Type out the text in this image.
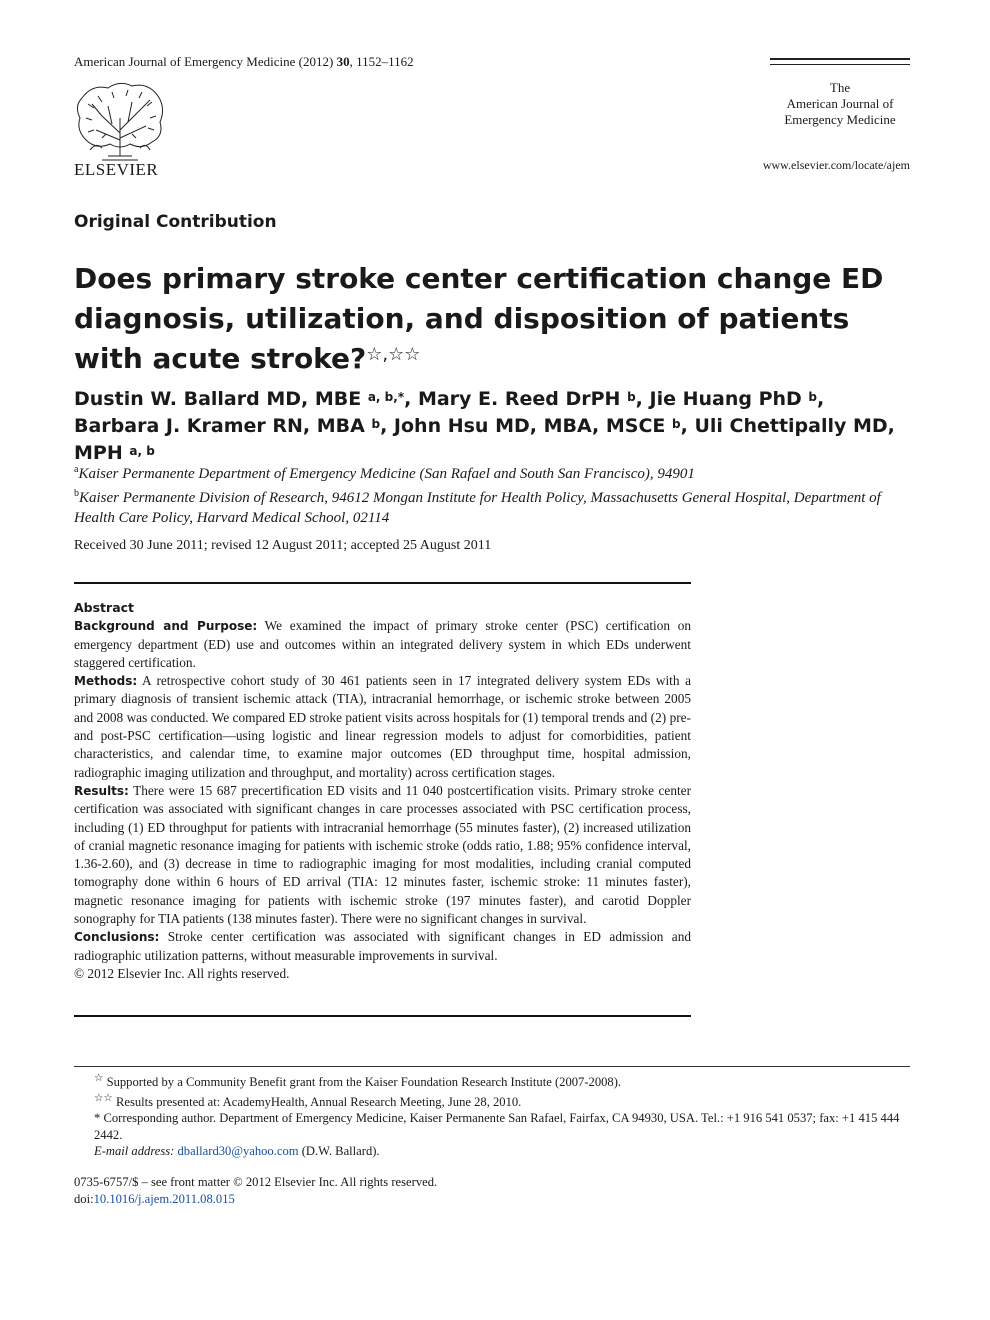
American Journal of Emergency Medicine (2012) 30, 1152–1162
ELSEVIER
The
American Journal of
Emergency Medicine
www.elsevier.com/locate/ajem
Original Contribution
Does primary stroke center certification change ED diagnosis, utilization, and disposition of patients with acute stroke?☆,☆☆
Dustin W. Ballard MD, MBE $^{a, b,*}$, Mary E. Reed DrPH $^b$, Jie Huang PhD $^b$,
Barbara J. Kramer RN, MBA $^b$, John Hsu MD, MBA, MSCE $^b$, Uli Chettipally MD, MPH $^{a, b}$
$^a$Kaiser Permanente Department of Emergency Medicine (San Rafael and South San Francisco), 94901
$^b$Kaiser Permanente Division of Research, 94612 Mongan Institute for Health Policy, Massachusetts General Hospital, Department of Health Care Policy, Harvard Medical School, 02114
Received 30 June 2011; revised 12 August 2011; accepted 25 August 2011
Abstract

Background and Purpose: We examined the impact of primary stroke center (PSC) certification on emergency department (ED) use and outcomes within an integrated delivery system in which EDs underwent staggered certification.

Methods: A retrospective cohort study of 30 461 patients seen in 17 integrated delivery system EDs with a primary diagnosis of transient ischemic attack (TIA), intracranial hemorrhage, or ischemic stroke between 2005 and 2008 was conducted. We compared ED stroke patient visits across hospitals for (1) temporal trends and (2) pre- and post-PSC certification—using logistic and linear regression models to adjust for comorbidities, patient characteristics, and calendar time, to examine major outcomes (ED throughput time, hospital admission, radiographic imaging utilization and throughput, and mortality) across certification stages.

Results: There were 15 687 precertification ED visits and 11 040 postcertification visits. Primary stroke center certification was associated with significant changes in care processes associated with PSC certification process, including (1) ED throughput for patients with intracranial hemorrhage (55 minutes faster), (2) increased utilization of cranial magnetic resonance imaging for patients with ischemic stroke (odds ratio, 1.88; 95% confidence interval, 1.36-2.60), and (3) decrease in time to radiographic imaging for most modalities, including cranial computed tomography done within 6 hours of ED arrival (TIA: 12 minutes faster, ischemic stroke: 11 minutes faster), magnetic resonance imaging for patients with ischemic stroke (197 minutes faster), and carotid Doppler sonography for TIA patients (138 minutes faster). There were no significant changes in survival.

Conclusions: Stroke center certification was associated with significant changes in ED admission and radiographic utilization patterns, without measurable improvements in survival.

© 2012 Elsevier Inc. All rights reserved.

☆ Supported by a Community Benefit grant from the Kaiser Foundation Research Institute (2007-2008).

☆☆ Results presented at: AcademyHealth, Annual Research Meeting, June 28, 2010.

* Corresponding author. Department of Emergency Medicine, Kaiser Permanente San Rafael, Fairfax, CA 94930, USA. Tel.: +1 916 541 0537; fax: +1 415 444 2442.

E-mail address: dballard30@yahoo.com (D.W. Ballard).

0735-6757/$ – see front matter © 2012 Elsevier Inc. All rights reserved.
doi:10.1016/j.ajem.2011.08.015
